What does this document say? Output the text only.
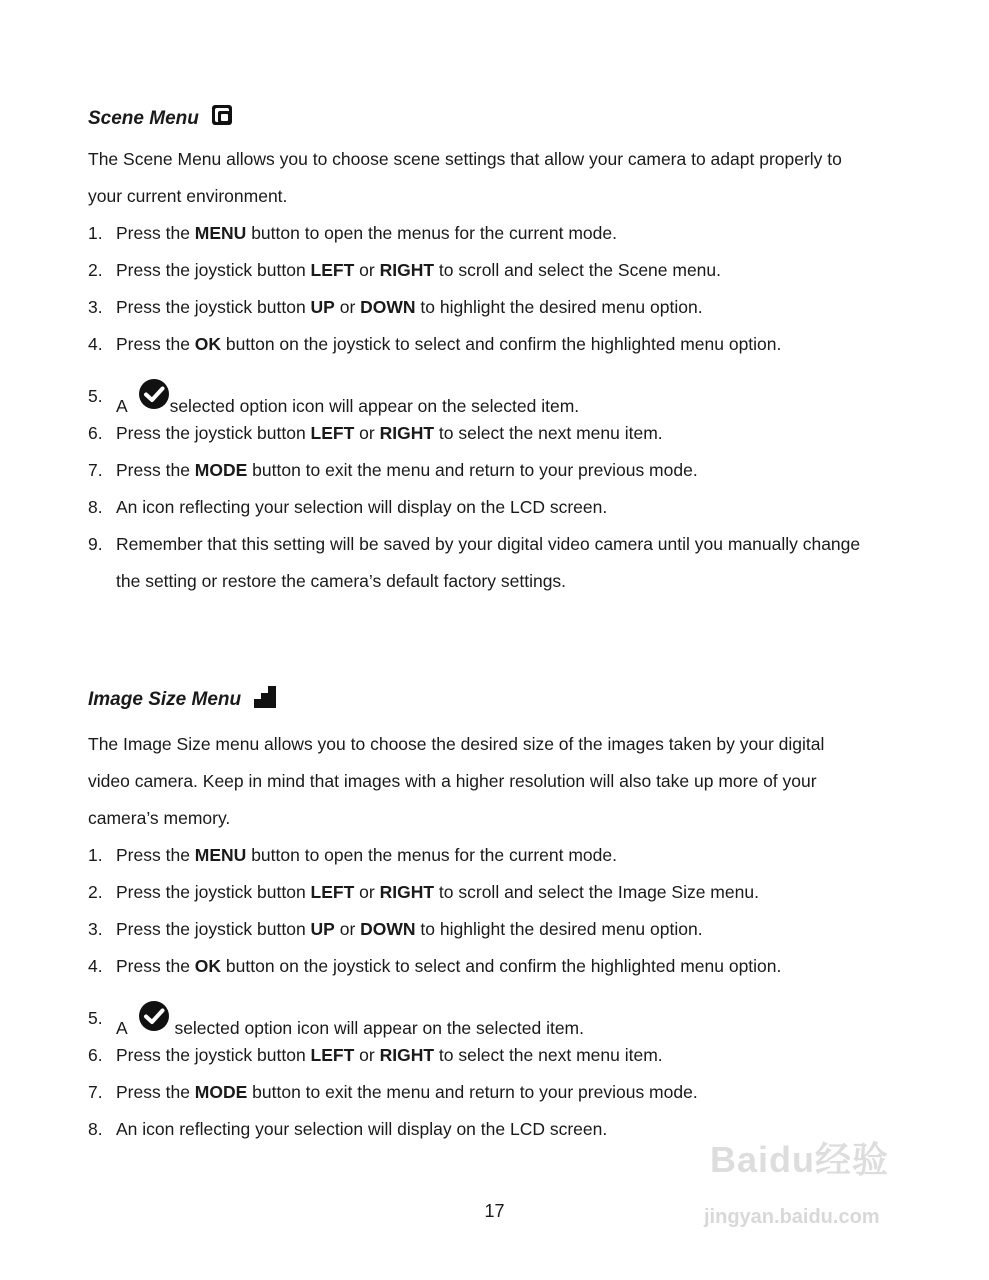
Scene Menu

The Scene Menu allows you to choose scene settings that allow your camera to adapt properly to
your current environment.

1. Press the MENU button to open the menus for the current mode.
2. Press the joystick button LEFT or RIGHT to scroll and select the Scene menu.
3. Press the joystick button UP or DOWN to highlight the desired menu option.
4. Press the OK button on the joystick to select and confirm the highlighted menu option.
5. A selected option icon will appear on the selected item.
6. Press the joystick button LEFT or RIGHT to select the next menu item.
7. Press the MODE button to exit the menu and return to your previous mode.
8. An icon reflecting your selection will display on the LCD screen.
9. Remember that this setting will be saved by your digital video camera until you manually change
the setting or restore the camera’s default factory settings.
Image Size Menu

The Image Size menu allows you to choose the desired size of the images taken by your digital
video camera. Keep in mind that images with a higher resolution will also take up more of your
camera’s memory.

1. Press the MENU button to open the menus for the current mode.
2. Press the joystick button LEFT or RIGHT to scroll and select the Image Size menu.
3. Press the joystick button UP or DOWN to highlight the desired menu option.
4. Press the OK button on the joystick to select and confirm the highlighted menu option.
5. A  selected option icon will appear on the selected item.
6. Press the joystick button LEFT or RIGHT to select the next menu item.
7. Press the MODE button to exit the menu and return to your previous mode.
8. An icon reflecting your selection will display on the LCD screen.
17
Baidu经验
jingyan.baidu.com
